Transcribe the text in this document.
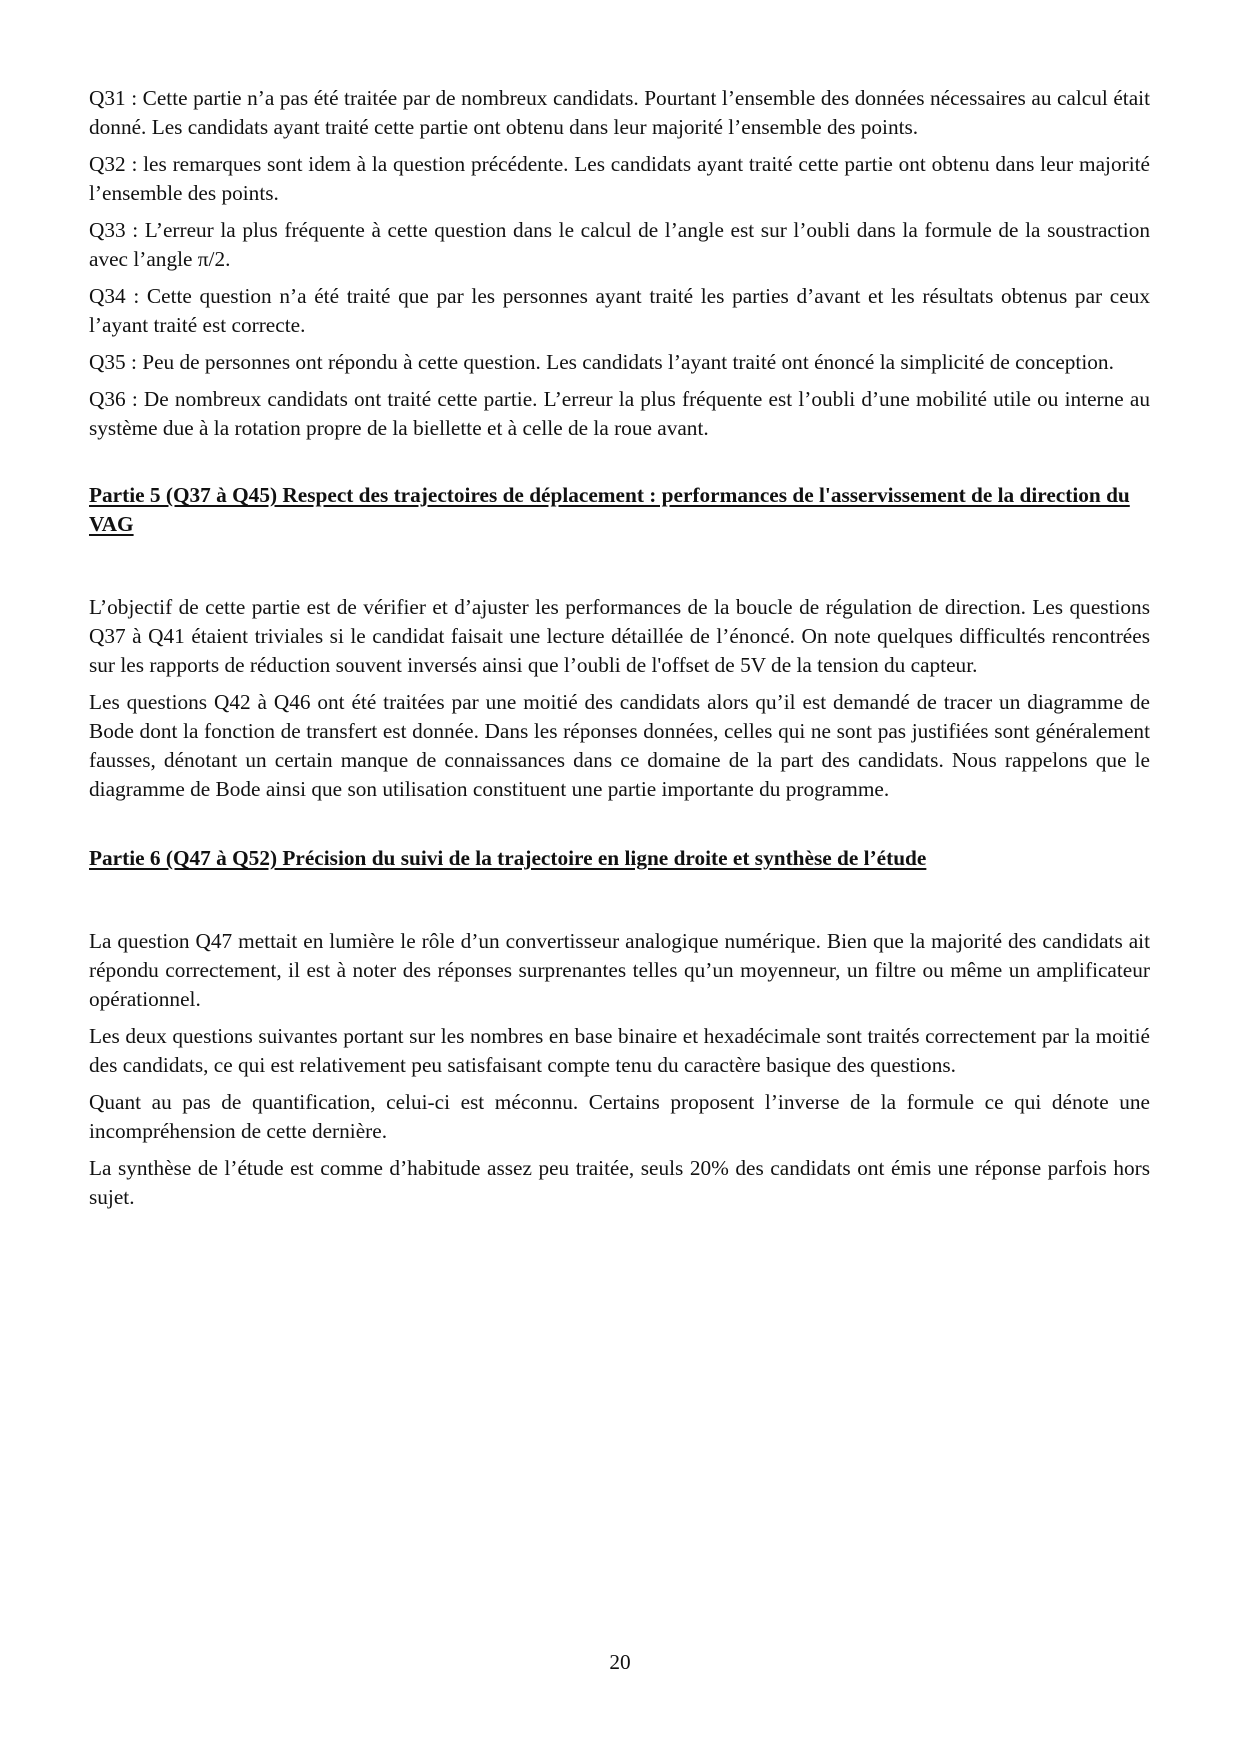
Q31 : Cette partie n’a pas été traitée par de nombreux candidats. Pourtant l’ensemble des données nécessaires au calcul était donné. Les candidats ayant traité cette partie ont obtenu dans leur majorité l’ensemble des points.

Q32 : les remarques sont idem à la question précédente. Les candidats ayant traité cette partie ont obtenu dans leur majorité l’ensemble des points.

Q33 : L’erreur la plus fréquente à cette question dans le calcul de l’angle est sur l’oubli dans la formule de la soustraction avec l’angle π/2.

Q34 : Cette question n’a été traité que par les personnes ayant traité les parties d’avant et les résultats obtenus par ceux l’ayant traité est correcte.

Q35 : Peu de personnes ont répondu à cette question. Les candidats l’ayant traité ont énoncé la simplicité de conception.

Q36 : De nombreux candidats ont traité cette partie. L’erreur la plus fréquente est l’oubli d’une mobilité utile ou interne au système due à la rotation propre de la biellette et à celle de la roue avant.

Partie 5 (Q37 à Q45) Respect des trajectoires de déplacement : performances de l'asservissement de la direction du VAG

L’objectif de cette partie est de vérifier et d’ajuster les performances de la boucle de régulation de direction. Les questions Q37 à Q41 étaient triviales si le candidat faisait une lecture détaillée de l’énoncé. On note quelques difficultés rencontrées sur les rapports de réduction souvent inversés ainsi que l’oubli de l'offset de 5V de la tension du capteur.

Les questions Q42 à Q46 ont été traitées par une moitié des candidats alors qu’il est demandé de tracer un diagramme de Bode dont la fonction de transfert est donnée. Dans les réponses données, celles qui ne sont pas justifiées sont généralement fausses, dénotant un certain manque de connaissances dans ce domaine de la part des candidats. Nous rappelons que le diagramme de Bode ainsi que son utilisation constituent une partie importante du programme.

Partie 6 (Q47 à Q52) Précision du suivi de la trajectoire en ligne droite et synthèse de l’étude

La question Q47 mettait en lumière le rôle d’un convertisseur analogique numérique. Bien que la majorité des candidats ait répondu correctement, il est à noter des réponses surprenantes telles qu’un moyenneur, un filtre ou même un amplificateur opérationnel.

Les deux questions suivantes portant sur les nombres en base binaire et hexadécimale sont traités correctement par la moitié des candidats, ce qui est relativement peu satisfaisant compte tenu du caractère basique des questions.

Quant au pas de quantification, celui-ci est méconnu. Certains proposent l’inverse de la formule ce qui dénote une incompréhension de cette dernière.

La synthèse de l’étude est comme d’habitude assez peu traitée, seuls 20% des candidats ont émis une réponse parfois hors sujet.

20
